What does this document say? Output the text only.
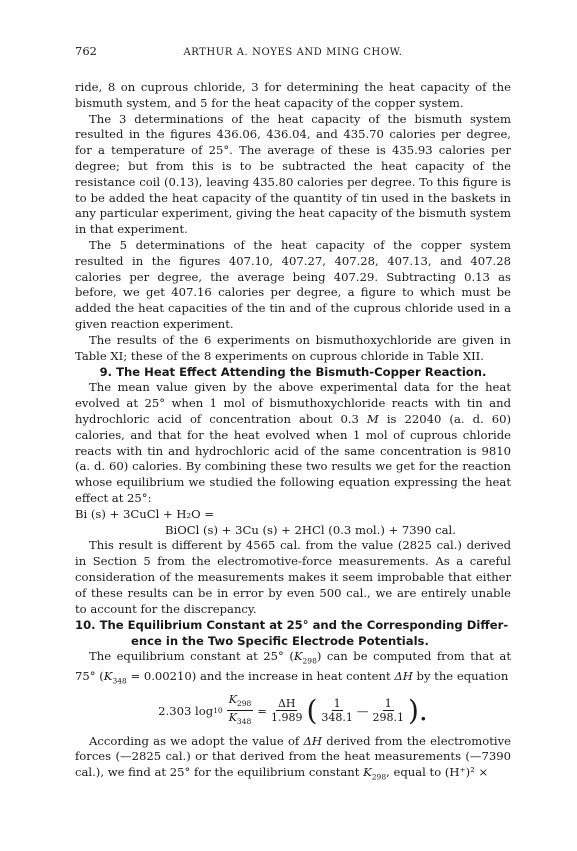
762	ARTHUR A. NOYES AND MING CHOW.

ride, 8 on cuprous chloride, 3 for determining the heat capacity of the bismuth system, and 5 for the heat capacity of the copper system.

The 3 determinations of the heat capacity of the bismuth system resulted in the figures 436.06, 436.04, and 435.70 calories per degree, for a temperature of 25°. The average of these is 435.93 calories per degree; but from this is to be subtracted the heat capacity of the resistance coil (0.13), leaving 435.80 calories per degree. To this figure is to be added the heat capacity of the quantity of tin used in the baskets in any particular experiment, giving the heat capacity of the bismuth system in that experiment.

The 5 determinations of the heat capacity of the copper system resulted in the figures 407.10, 407.27, 407.28, 407.13, and 407.28 calories per degree, the average being 407.29. Subtracting 0.13 as before, we get 407.16 calories per degree, a figure to which must be added the heat capacities of the tin and of the cuprous chloride used in a given reaction experiment.

The results of the 6 experiments on bismuthoxychloride are given in Table XI; these of the 8 experiments on cuprous chloride in Table XII.

9. The Heat Effect Attending the Bismuth-Copper Reaction.

The mean value given by the above experimental data for the heat evolved at 25° when 1 mol of bismuthoxychloride reacts with tin and hydrochloric acid of concentration about 0.3 M is 22040 (a. d. 60) calories, and that for the heat evolved when 1 mol of cuprous chloride reacts with tin and hydrochloric acid of the same concentration is 9810 (a. d. 60) calories. By combining these two results we get for the reaction whose equilibrium we studied the following equation expressing the heat effect at 25°:

Bi (s) + 3CuCl + H₂O =
BiOCl (s) + 3Cu (s) + 2HCl (0.3 mol.) + 7390 cal.

This result is different by 4565 cal. from the value (2825 cal.) derived in Section 5 from the electromotive-force measurements. As a careful consideration of the measurements makes it seem improbable that either of these results can be in error by even 500 cal., we are entirely unable to account for the discrepancy.

10. The Equilibrium Constant at 25° and the Corresponding Differ-
ence in the Two Specific Electrode Potentials.

The equilibrium constant at 25° $(K_{298})$ can be computed from that at 75° $(K_{348} = 0.00210)$ and the increase in heat content ΔH by the equation

2.303 $\log 10 \frac{K_{298}}{K_{348}} = \frac{\Delta H}{1.989}$ ( $\frac{1}{348.1}$ — $\frac{1}{298.1}$ ).

According as we adopt the value of ΔH derived from the electromotive forces (—2825 cal.) or that derived from the heat measurements (—7390 cal.), we find at 25° for the equilibrium constant $K_{298}$, equal to (H⁺)² ×
